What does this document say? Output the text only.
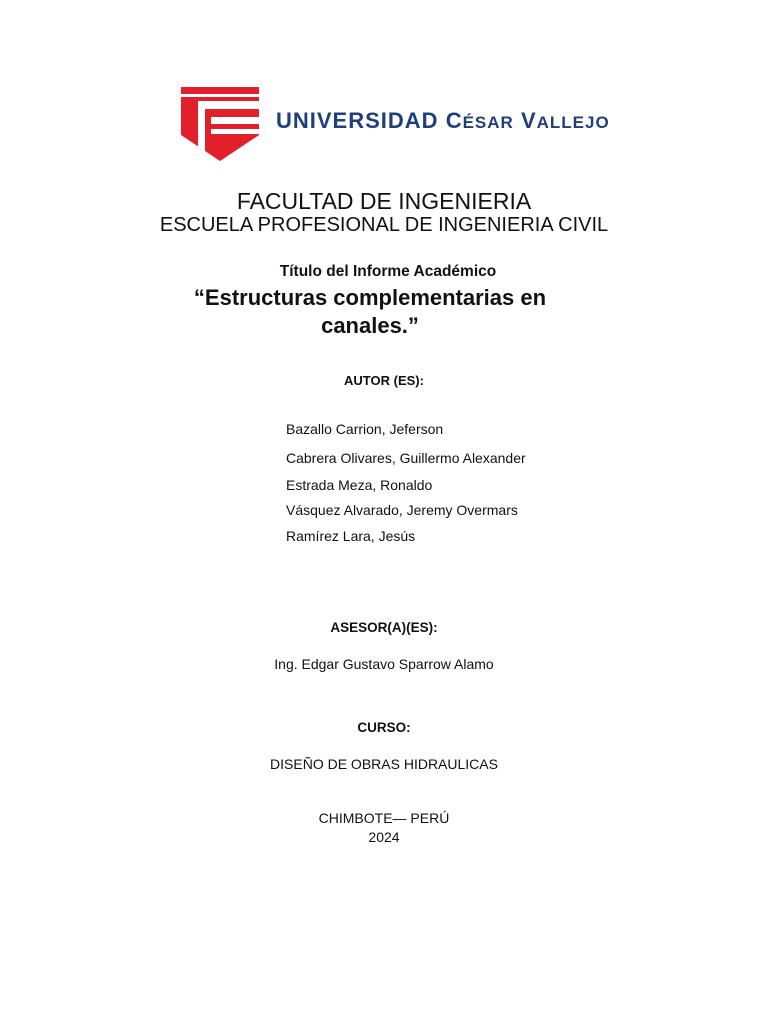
UNIVERSIDAD CÉSAR VALLEJO
FACULTAD DE INGENIERIA
ESCUELA PROFESIONAL DE INGENIERIA CIVIL
Título del Informe Académico
“Estructuras complementarias en
canales.”
AUTOR (ES):
Bazallo Carrion, Jeferson
Cabrera Olivares, Guillermo Alexander
Estrada Meza, Ronaldo
Vásquez Alvarado, Jeremy Overmars
Ramírez Lara, Jesús
ASESOR(A)(ES):
Ing. Edgar Gustavo Sparrow Alamo
CURSO:
DISEÑO DE OBRAS HIDRAULICAS
CHIMBOTE— PERÚ
2024
